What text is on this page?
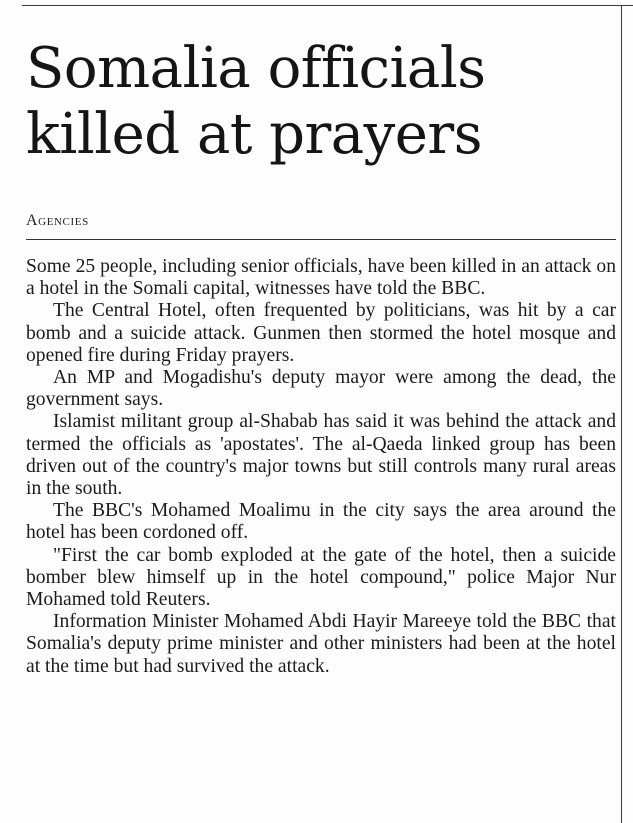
Somalia officials killed at prayers
Agencies

Some 25 people, including senior officials, have been killed in an attack on a hotel in the Somali capital, witnesses have told the BBC.

The Central Hotel, often frequented by politicians, was hit by a car bomb and a suicide attack. Gunmen then stormed the hotel mosque and opened fire during Friday prayers.

An MP and Mogadishu's deputy mayor were among the dead, the government says.

Islamist militant group al-Shabab has said it was behind the attack and termed the officials as 'apostates'. The al-Qaeda linked group has been driven out of the country's major towns but still controls many rural areas in the south.

The BBC's Mohamed Moalimu in the city says the area around the hotel has been cordoned off.

"First the car bomb exploded at the gate of the hotel, then a suicide bomber blew himself up in the hotel compound," police Major Nur Mohamed told Reuters.

Information Minister Mohamed Abdi Hayir Mareeye told the BBC that Somalia's deputy prime minister and other ministers had been at the hotel at the time but had survived the attack.
